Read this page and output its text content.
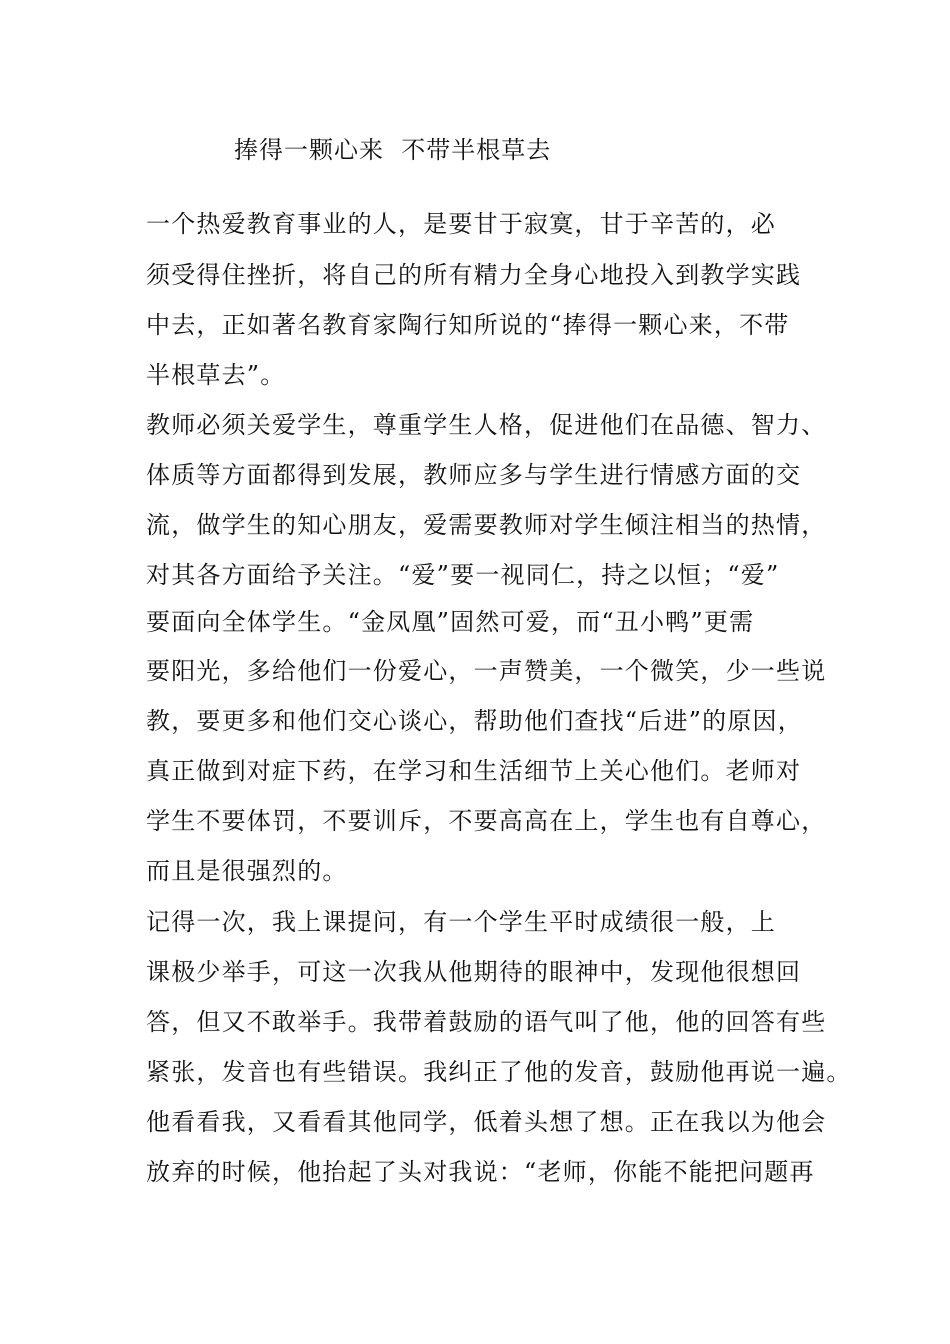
捧得一颗心来  不带半根草去

一个热爱教育事业的人，是要甘于寂寞，甘于辛苦的，必

须受得住挫折，将自己的所有精力全身心地投入到教学实践

中去，正如著名教育家陶行知所说的“捧得一颗心来，不带

半根草去”。

教师必须关爱学生，尊重学生人格，促进他们在品德、智力、

体质等方面都得到发展，教师应多与学生进行情感方面的交

流，做学生的知心朋友，爱需要教师对学生倾注相当的热情，

对其各方面给予关注。“爱”要一视同仁，持之以恒；“爱”

要面向全体学生。“金凤凰”固然可爱，而“丑小鸭”更需

要阳光，多给他们一份爱心，一声赞美，一个微笑，少一些说

教，要更多和他们交心谈心，帮助他们查找“后进”的原因，

真正做到对症下药，在学习和生活细节上关心他们。老师对

学生不要体罚，不要训斥，不要高高在上，学生也有自尊心，

而且是很强烈的。

记得一次，我上课提问，有一个学生平时成绩很一般，上

课极少举手，可这一次我从他期待的眼神中，发现他很想回

答，但又不敢举手。我带着鼓励的语气叫了他，他的回答有些

紧张，发音也有些错误。我纠正了他的发音，鼓励他再说一遍。

他看看我，又看看其他同学，低着头想了想。正在我以为他会

放弃的时候，他抬起了头对我说：“老师，你能不能把问题再
